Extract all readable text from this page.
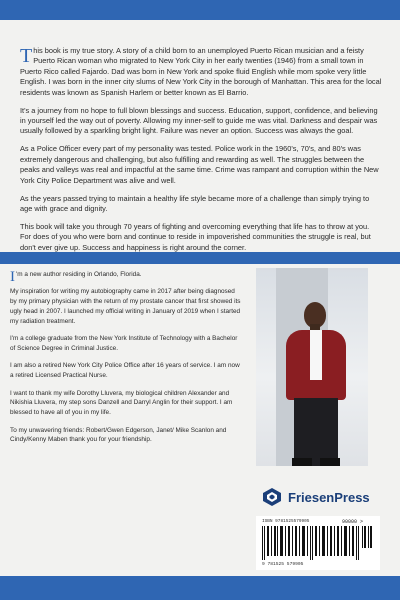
This book is my true story. A story of a child born to an unemployed Puerto Rican musician and a feisty Puerto Rican woman who migrated to New York City in her early twenties (1946) from a small town in Puerto Rico called Fajardo. Dad was born in New York and spoke fluid English while mom spoke very little English. I was born in the inner city slums of New York City in the borough of Manhattan. This area for the local residents was known as Spanish Harlem or better known as El Barrio.

It's a journey from no hope to full blown blessings and success. Education, support, confidence, and believing in yourself led the way out of poverty. Allowing my inner-self to guide me was vital. Darkness and despair was usually followed by a sparkling bright light. Failure was never an option. Success was always the goal.

As a Police Officer every part of my personality was tested. Police work in the 1960's, 70's, and 80's was extremely dangerous and challenging, but also fulfilling and rewarding as well. The struggles between the peaks and valleys was real and impactful at the same time. Crime was rampant and corruption within the New York City Police Department was alive and well.

As the years passed trying to maintain a healthy life style became more of a challenge than simply trying to age with grace and dignity.

This book will take you through 70 years of fighting and overcoming everything that life has to throw at you. For does of you who were born and continue to reside in impoverished communities the struggle is real, but don't ever give up. Success and happiness is right around the corner.

I 'm a new author residing in Orlando, Florida.

My inspiration for writing my autobiography came in 2017 after being diagnosed by my primary physician with the return of my prostate cancer that first showed its ugly head in 2007. I launched my official writing in January of 2019 when I started my radiation treatment.

I'm a college graduate from the New York Institute of Technology with a Bachelor of Science Degree in Criminal Justice.

I am also a retired New York City Police Office after 16 years of service. I am now a retired Licensed Practical Nurse.

I want to thank my wife Dorothy Lluvera, my biological children Alexander and Nikishia Lluvera, my step sons Danzell and Darryl Anglin for their support. I am blessed to have all of you in my life.

To my unwavering friends: Robert/Gwen Edgerson, Janet/ Mike Scanlon and Cindy/Kenny Maben thank you for your friendship.

FriesenPress
ISBN 9781525579905	90000 >
9 781525 579905
